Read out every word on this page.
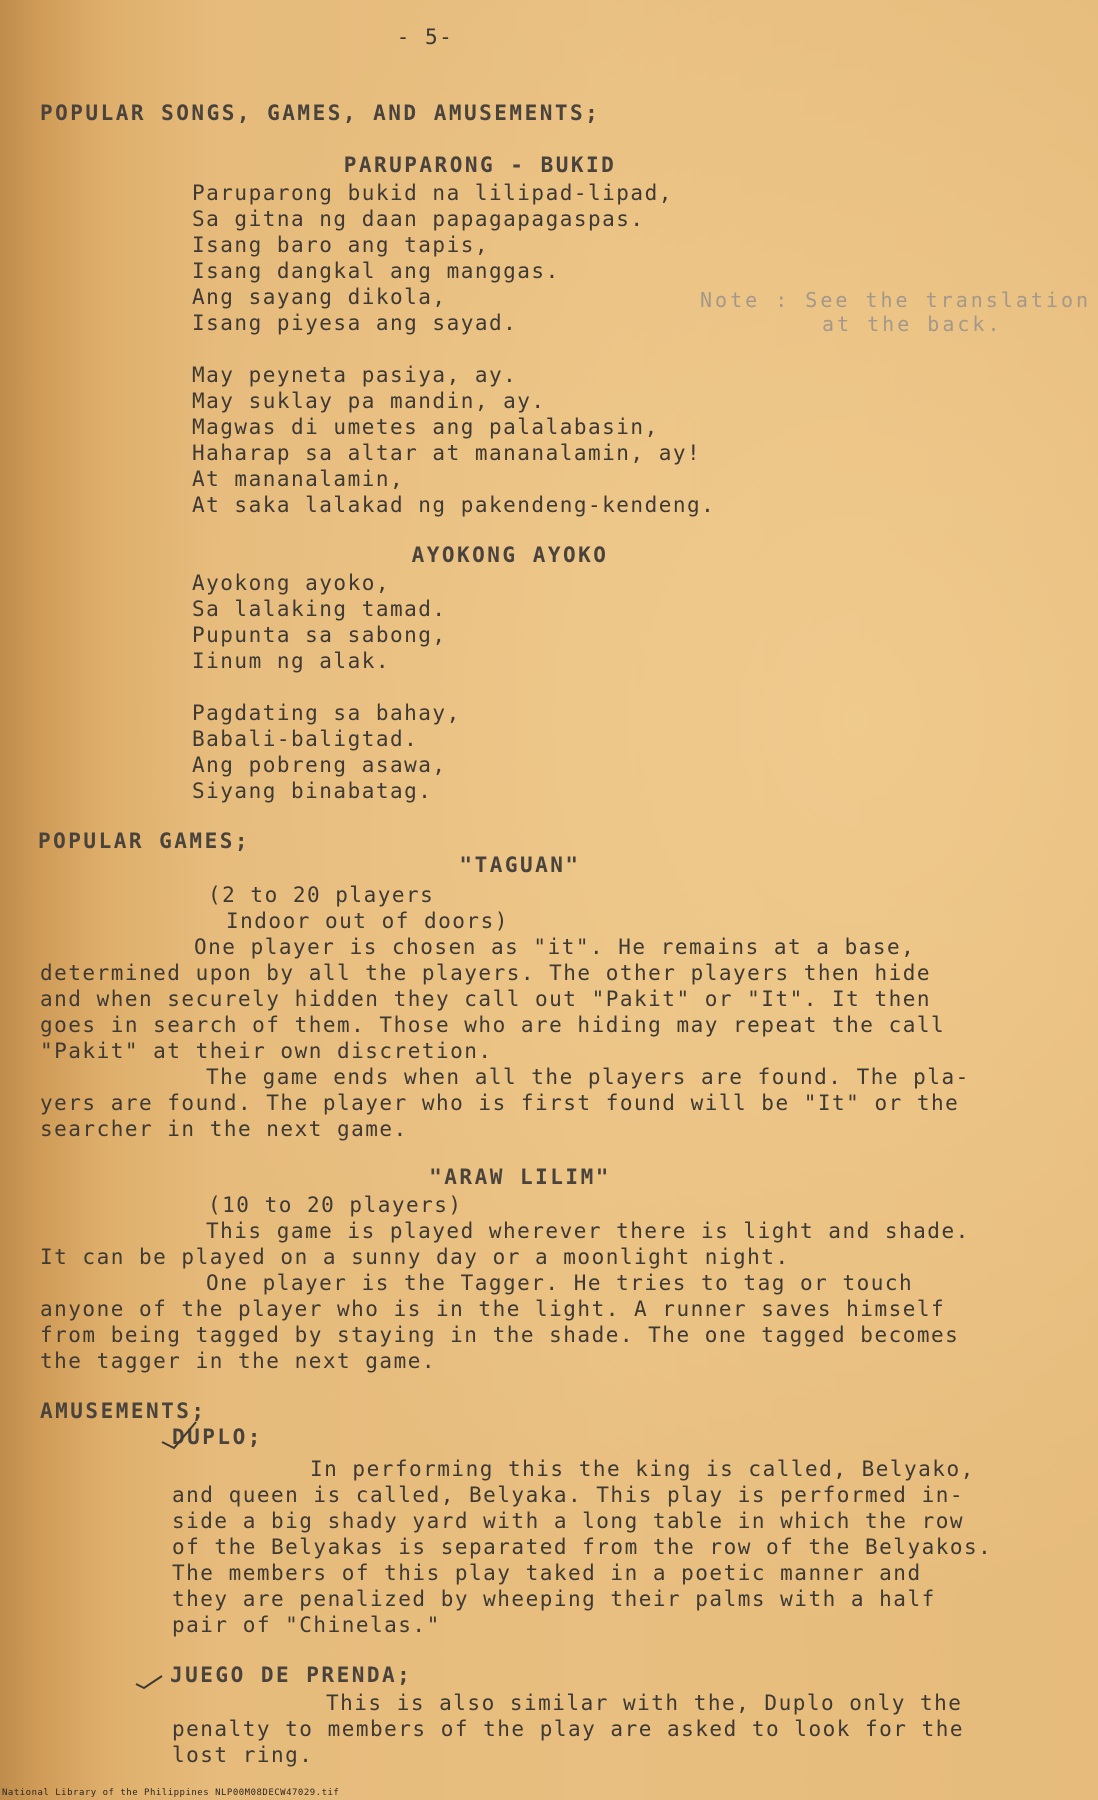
- 5-
POPULAR SONGS, GAMES, AND AMUSEMENTS;
PARUPARONG - BUKID
Paruparong bukid na lilipad-lipad,
Sa gitna ng daan papagapagaspas.
Isang baro ang tapis,
Isang dangkal ang manggas.
Ang sayang dikola,
Isang piyesa ang sayad.
Note : See the translation
at the back.
May peyneta pasiya, ay.
May suklay pa mandin, ay.
Magwas di umetes ang palalabasin,
Haharap sa altar at mananalamin, ay!
At mananalamin,
At saka lalakad ng pakendeng-kendeng.
AYOKONG AYOKO
Ayokong ayoko,
Sa lalaking tamad.
Pupunta sa sabong,
Iinum ng alak.
Pagdating sa bahay,
Babali-baligtad.
Ang pobreng asawa,
Siyang binabatag.
POPULAR GAMES;
"TAGUAN"
(2 to 20 players
Indoor out of doors)
One player is chosen as "it". He remains at a base,
determined upon by all the players. The other players then hide
and when securely hidden they call out "Pakit" or "It". It then
goes in search of them. Those who are hiding may repeat the call
"Pakit" at their own discretion.
The game ends when all the players are found. The pla-
yers are found. The player who is first found will be "It" or the
searcher in the next game.
"ARAW LILIM"
(10 to 20 players)
This game is played wherever there is light and shade.
It can be played on a sunny day or a moonlight night.
One player is the Tagger. He tries to tag or touch
anyone of the player who is in the light. A runner saves himself
from being tagged by staying in the shade. The one tagged becomes
the tagger in the next game.
AMUSEMENTS;
DUPLO;
In performing this the king is called, Belyako,
and queen is called, Belyaka. This play is performed in-
side a big shady yard with a long table in which the row
of the Belyakas is separated from the row of the Belyakos.
The members of this play taked in a poetic manner and
they are penalized by wheeping their palms with a half
pair of "Chinelas."
JUEGO DE PRENDA;
This is also similar with the, Duplo only the
penalty to members of the play are asked to look for the
lost ring.
National Library of the Philippines NLP00M08DECW47029.tif
